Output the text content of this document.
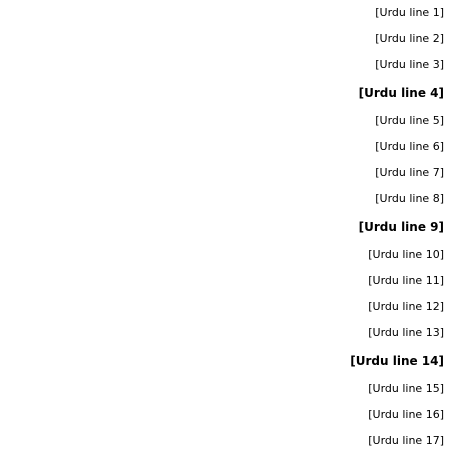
[Urdu line 1]
[Urdu line 2]
[Urdu line 3]
[Urdu line 4]
[Urdu line 5]
[Urdu line 6]
[Urdu line 7]
[Urdu line 8]
[Urdu line 9]
[Urdu line 10]
[Urdu line 11]
[Urdu line 12]
[Urdu line 13]
[Urdu line 14]
[Urdu line 15]
[Urdu line 16]
[Urdu line 17]
